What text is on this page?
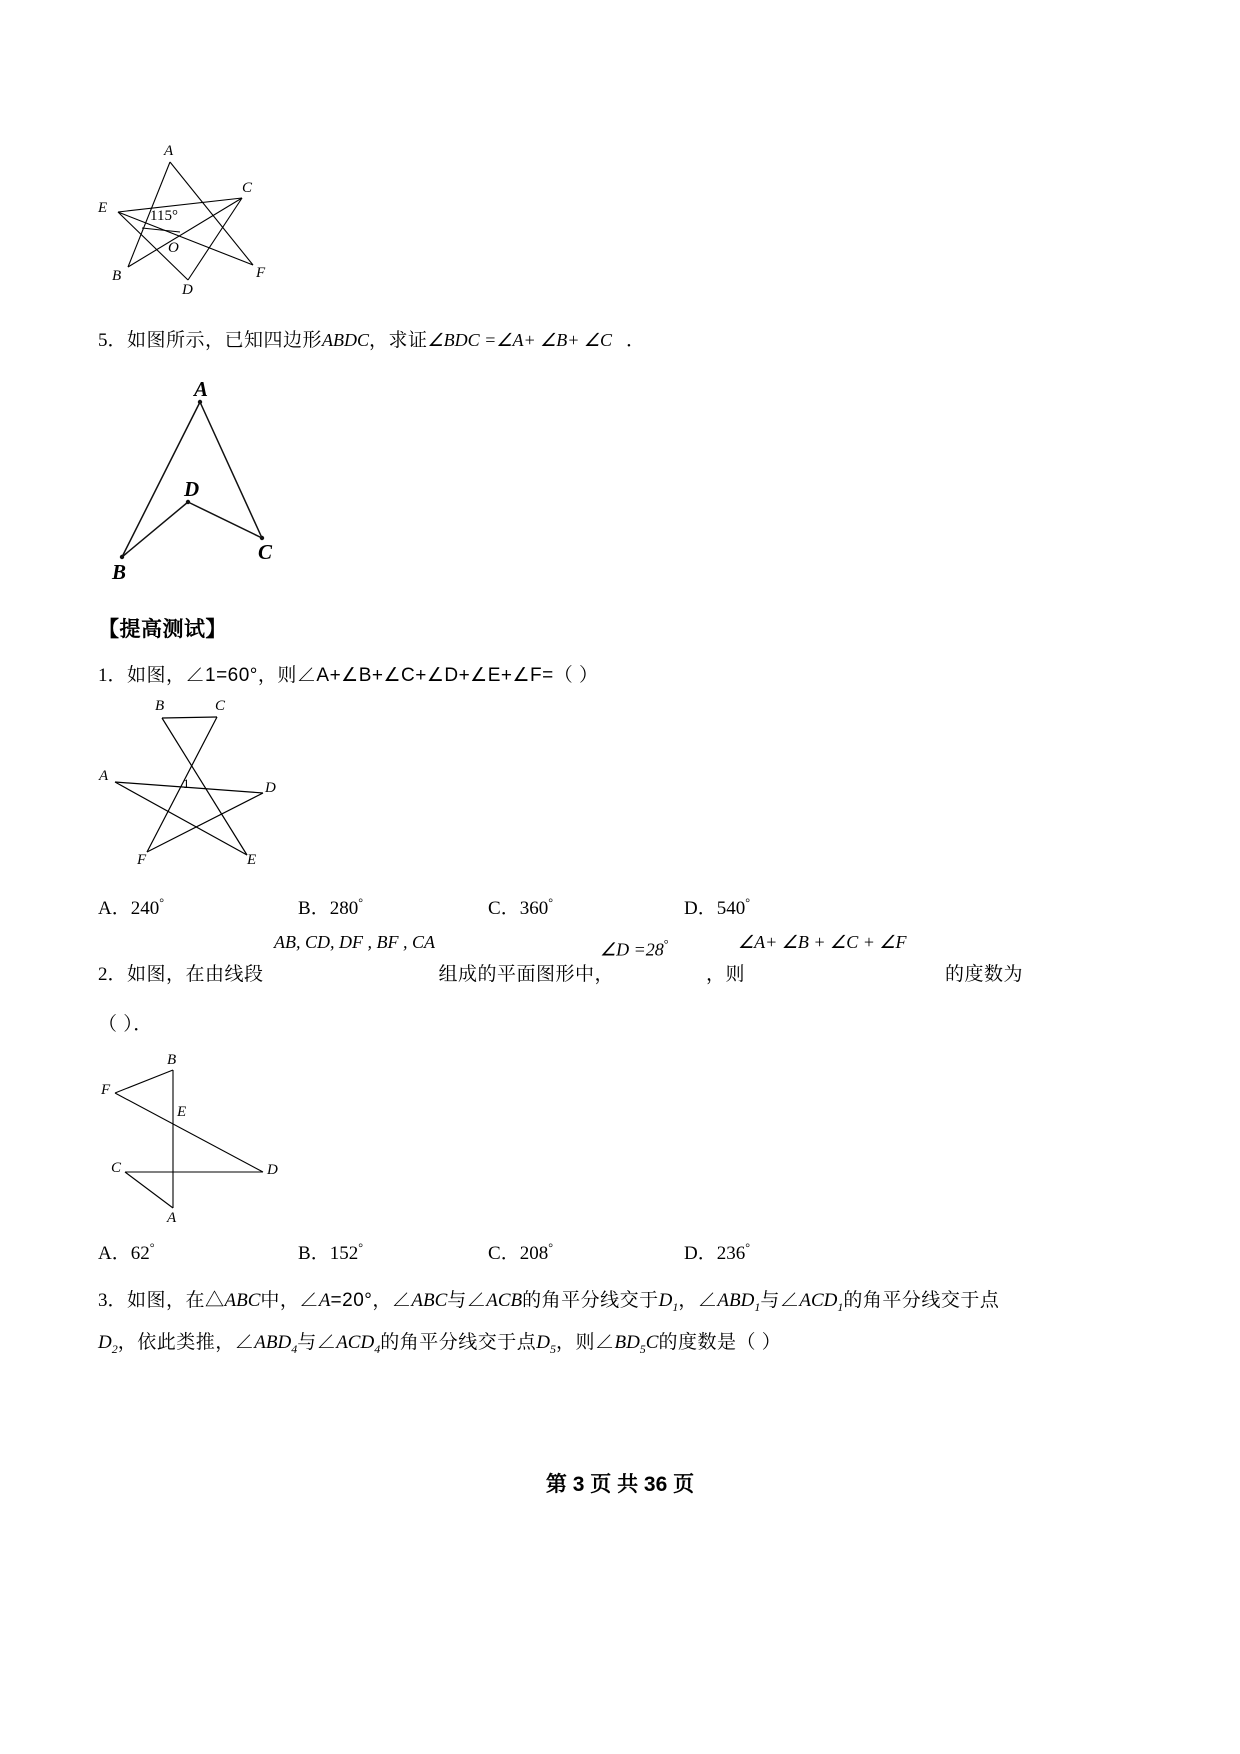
A
C
E
B
D
F
O
115°
5．如图所示，已知四边形ABDC，求证∠BDC =∠A+ ∠B+ ∠C ．
A
D
C
B
【提高测试】
1．如图，∠1=60°，则∠A+∠B+∠C+∠D+∠E+∠F=（ ）
B	C
A
D
F	E
1
A．240°	B．280°	C．360°	D．540°
2．如图，在由线段	组成的平面图形中，	，则	的度数为
AB, CD, DF , BF , CA	∠D =28°	∠A+ ∠B + ∠C + ∠F
（ ）．
B
F
E
C	D
A
A．62°	B．152°	C．208°	D．236°
3．如图，在△ABC中，∠A=20°，∠ABC与∠ACB的角平分线交于$D_1$，$\angle ABD_1$与$\angle ACD_1$的角平分线交于点
$D_2$，依此类推，$\angle ABD_4$与$\angle ACD_4$的角平分线交于点$D_5$，则$\angle BD_5C$的度数是（ ）
第 3 页 共 36 页
